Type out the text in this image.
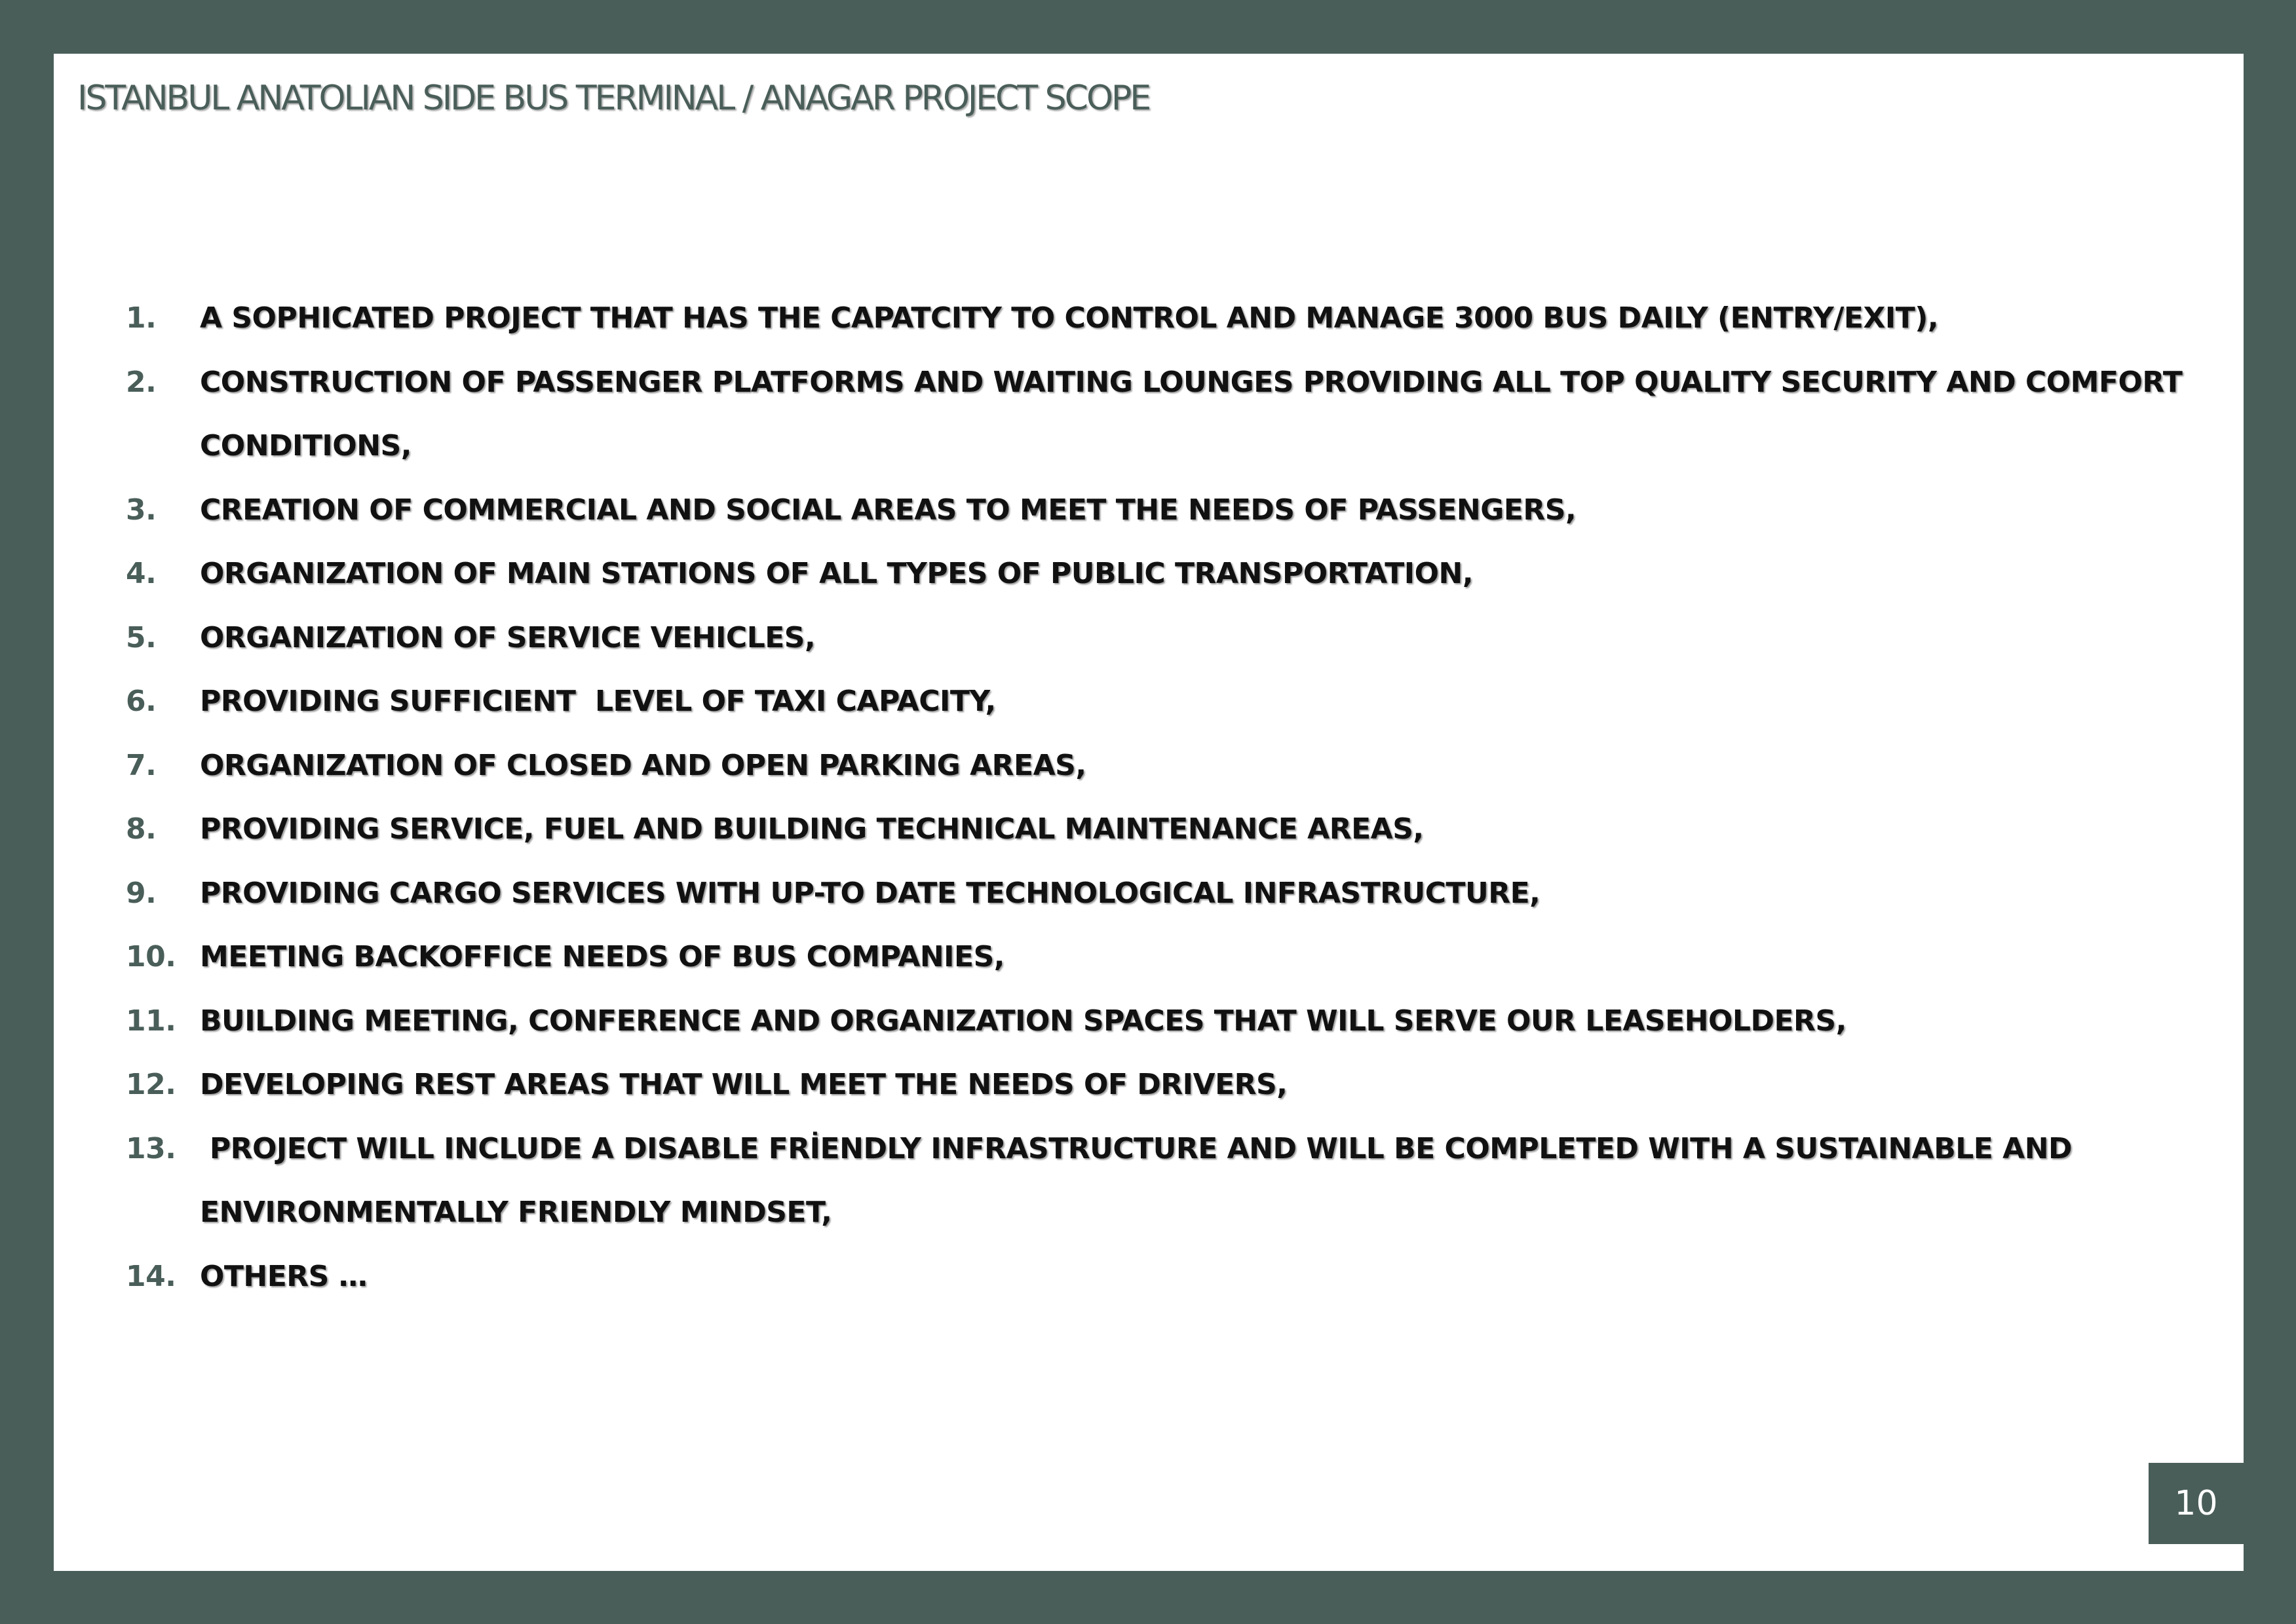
ISTANBUL ANATOLIAN SIDE BUS TERMINAL / ANAGAR PROJECT SCOPE
1.	A SOPHICATED PROJECT THAT HAS THE CAPATCITY TO CONTROL AND MANAGE 3000 BUS DAILY (ENTRY/EXIT),
2.	CONSTRUCTION OF PASSENGER PLATFORMS AND WAITING LOUNGES PROVIDING ALL TOP QUALITY SECURITY AND COMFORT CONDITIONS,
3.	CREATION OF COMMERCIAL AND SOCIAL AREAS TO MEET THE NEEDS OF PASSENGERS,
4.	ORGANIZATION OF MAIN STATIONS OF ALL TYPES OF PUBLIC TRANSPORTATION,
5.	ORGANIZATION OF SERVICE VEHICLES,
6.	PROVIDING SUFFICIENT  LEVEL OF TAXI CAPACITY,
7.	ORGANIZATION OF CLOSED AND OPEN PARKING AREAS,
8.	PROVIDING SERVICE, FUEL AND BUILDING TECHNICAL MAINTENANCE AREAS,
9.	PROVIDING CARGO SERVICES WITH UP-TO DATE TECHNOLOGICAL INFRASTRUCTURE,
10. MEETING BACKOFFICE NEEDS OF BUS COMPANIES,
11. BUILDING MEETING, CONFERENCE AND ORGANIZATION SPACES THAT WILL SERVE OUR LEASEHOLDERS,
12. DEVELOPING REST AREAS THAT WILL MEET THE NEEDS OF DRIVERS,
13. PROJECT WILL INCLUDE A DISABLE FRİENDLY INFRASTRUCTURE AND WILL BE COMPLETED WITH A SUSTAINABLE AND ENVIRONMENTALLY FRIENDLY MINDSET,
14. OTHERS …
10
